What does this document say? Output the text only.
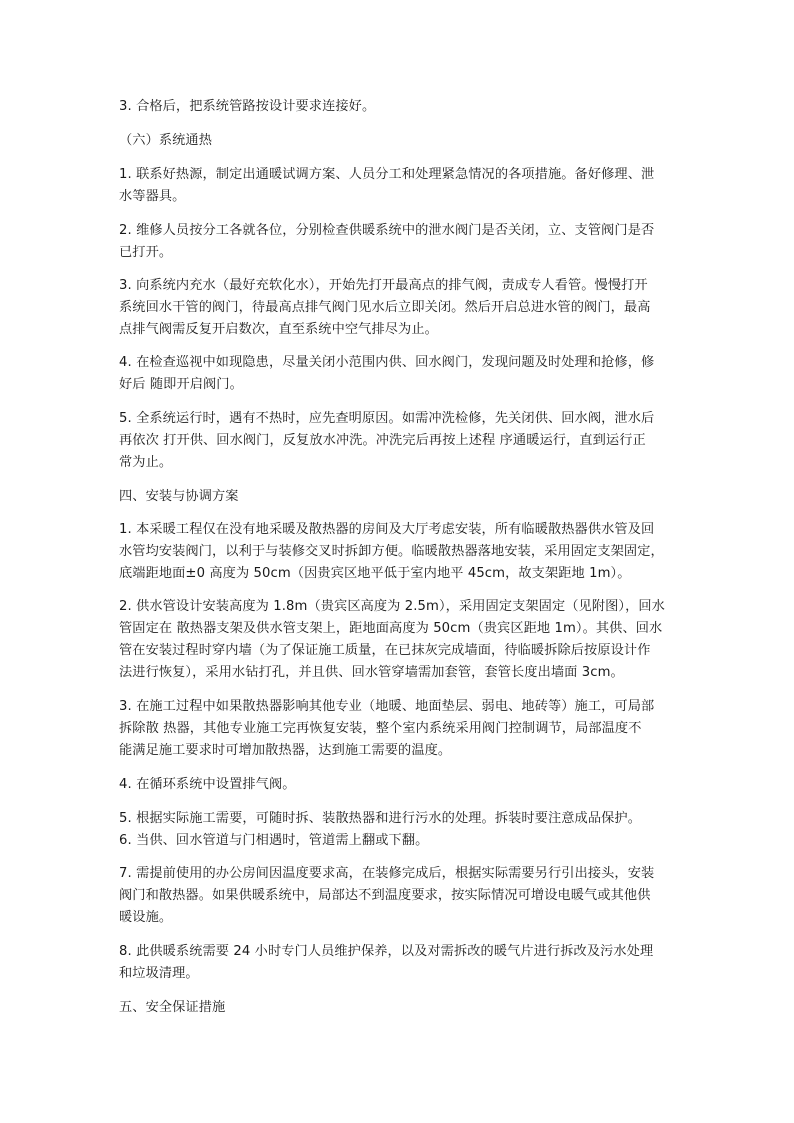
3. 合格后，把系统管路按设计要求连接好。
（六）系统通热
1. 联系好热源，制定出通暖试调方案、人员分工和处理紧急情况的各项措施。备好修理、泄
水等器具。
2. 维修人员按分工各就各位，分别检查供暖系统中的泄水阀门是否关闭，立、支管阀门是否
已打开。
3. 向系统内充水（最好充软化水），开始先打开最高点的排气阀，责成专人看管。慢慢打开
系统回水干管的阀门，待最高点排气阀门见水后立即关闭。然后开启总进水管的阀门，最高
点排气阀需反复开启数次，直至系统中空气排尽为止。
4. 在检查巡视中如现隐患，尽量关闭小范围内供、回水阀门，发现问题及时处理和抢修，修
好后 随即开启阀门。
5. 全系统运行时，遇有不热时，应先查明原因。如需冲洗检修，先关闭供、回水阀，泄水后
再依次 打开供、回水阀门，反复放水冲洗。冲洗完后再按上述程 序通暖运行，直到运行正
常为止。
四、安装与协调方案
1. 本采暖工程仅在没有地采暖及散热器的房间及大厅考虑安装，所有临暖散热器供水管及回
水管均安装阀门，以利于与装修交叉时拆卸方便。临暖散热器落地安装，采用固定支架固定，
底端距地面±0 高度为 50cm（因贵宾区地平低于室内地平 45cm，故支架距地 1m）。
2. 供水管设计安装高度为 1.8m（贵宾区高度为 2.5m），采用固定支架固定（见附图），回水
管固定在 散热器支架及供水管支架上，距地面高度为 50cm（贵宾区距地 1m）。其供、回水
管在安装过程时穿内墙（为了保证施工质量，在已抹灰完成墙面，待临暖拆除后按原设计作
法进行恢复），采用水钻打孔，并且供、回水管穿墙需加套管，套管长度出墙面 3cm。
3. 在施工过程中如果散热器影响其他专业（地暖、地面垫层、弱电、地砖等）施工，可局部
拆除散 热器，其他专业施工完再恢复安装，整个室内系统采用阀门控制调节，局部温度不
能满足施工要求时可增加散热器，达到施工需要的温度。
4. 在循环系统中设置排气阀。
5. 根据实际施工需要，可随时拆、装散热器和进行污水的处理。拆装时要注意成品保护。
6. 当供、回水管道与门相遇时，管道需上翻或下翻。
7. 需提前使用的办公房间因温度要求高，在装修完成后，根据实际需要另行引出接头，安装
阀门和散热器。如果供暖系统中，局部达不到温度要求，按实际情况可增设电暖气或其他供
暖设施。
8. 此供暖系统需要 24 小时专门人员维护保养，以及对需拆改的暖气片进行拆改及污水处理
和垃圾清理。
五、安全保证措施
